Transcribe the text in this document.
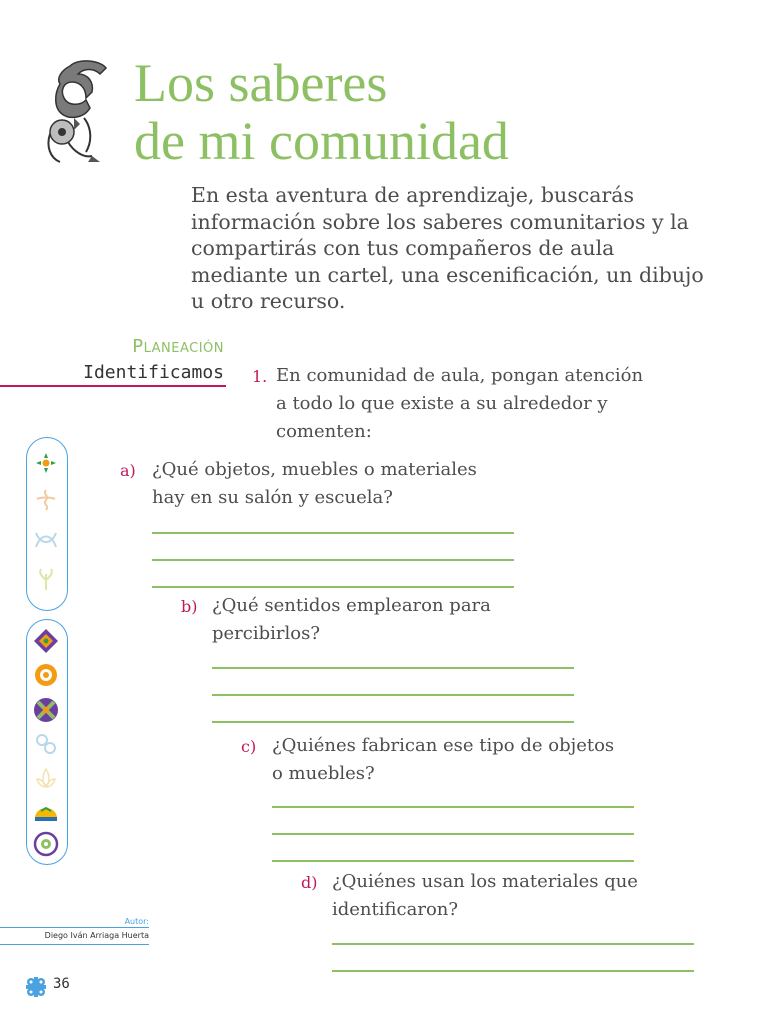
Los saberes
de mi comunidad

En esta aventura de aprendizaje, buscarás información sobre los saberes comunitarios y la compartirás con tus compañeros de aula mediante un cartel, una escenificación, un dibujo u otro recurso.

Planeación

Identificamos 1. En comunidad de aula, pongan atención
a todo lo que existe a su alrededor y
comenten:
a) ¿Qué objetos, muebles o materiales
hay en su salón y escuela?
b) ¿Qué sentidos emplearon para
percibirlos?
c) ¿Quiénes fabrican ese tipo de objetos
o muebles?
d) ¿Quiénes usan los materiales que
identificaron?
Autor:
Diego Iván Arriaga Huerta
36
